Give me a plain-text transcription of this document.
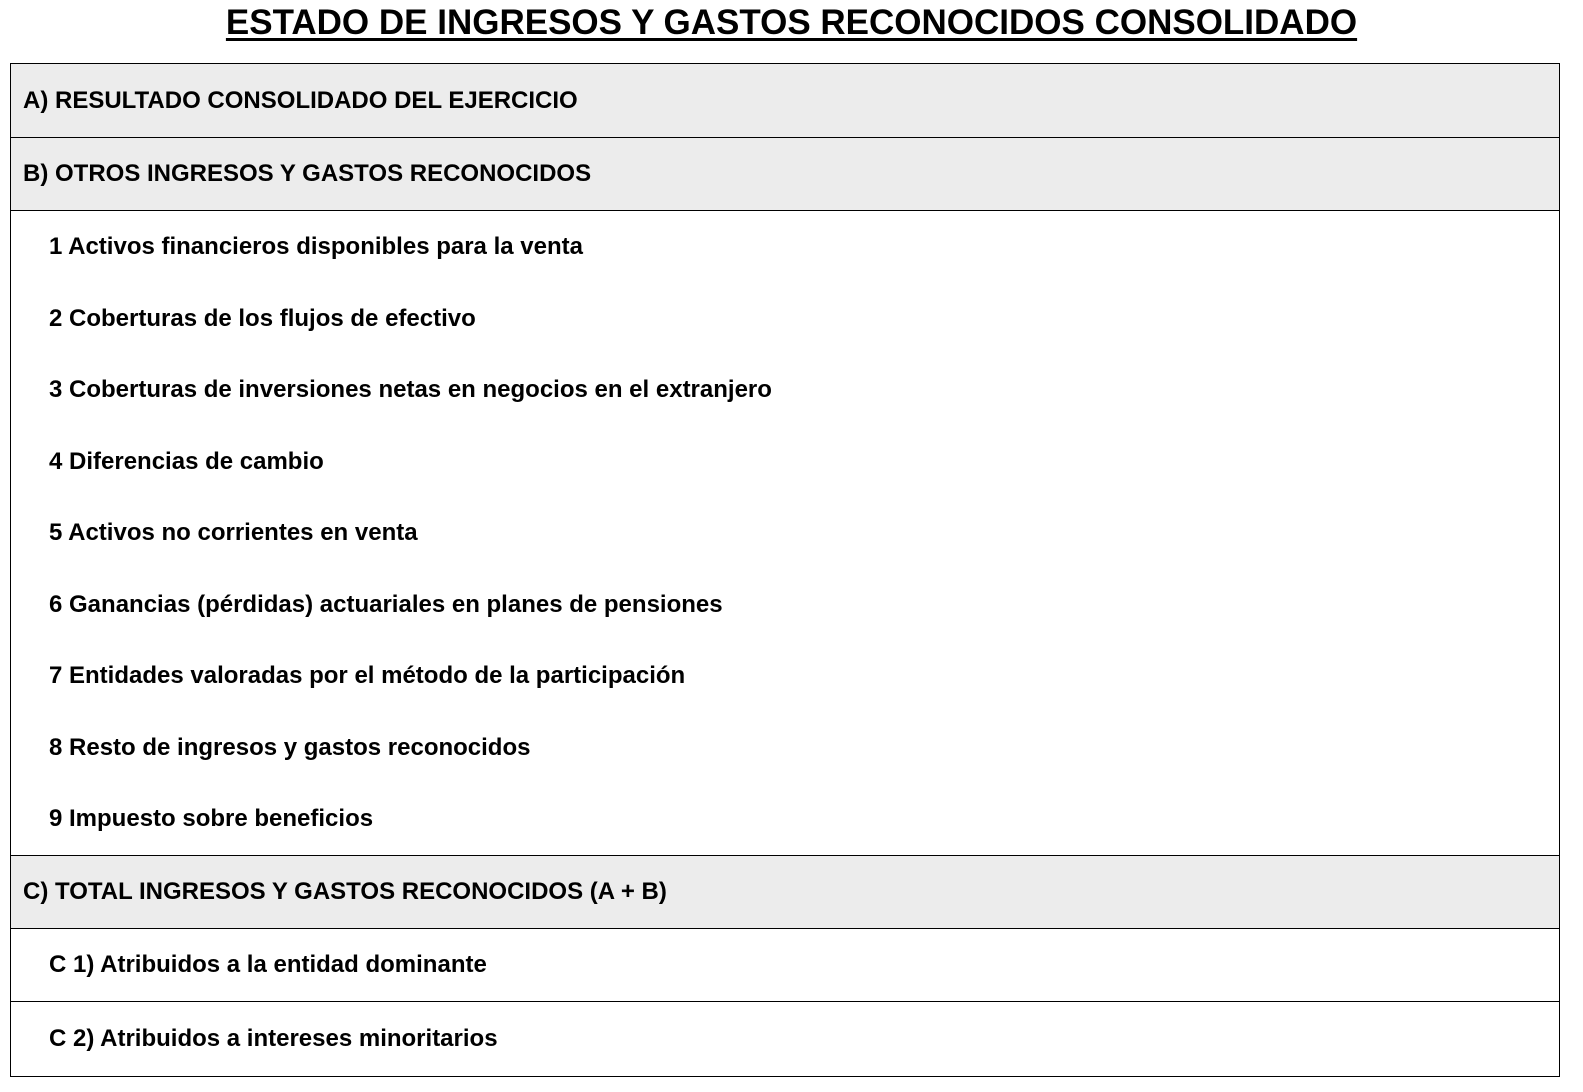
ESTADO DE INGRESOS Y GASTOS RECONOCIDOS CONSOLIDADO
A) RESULTADO CONSOLIDADO DEL EJERCICIO
B) OTROS INGRESOS Y GASTOS RECONOCIDOS
1 Activos financieros disponibles para la venta
2 Coberturas de los flujos de efectivo
3 Coberturas de inversiones netas en negocios en el extranjero
4 Diferencias de cambio
5 Activos no corrientes en venta
6 Ganancias (pérdidas) actuariales en planes de pensiones
7 Entidades valoradas por el método de la participación
8 Resto de ingresos y gastos reconocidos
9 Impuesto sobre beneficios
C) TOTAL INGRESOS Y GASTOS RECONOCIDOS (A + B)
C 1) Atribuidos a la entidad dominante
C 2) Atribuidos a intereses minoritarios
